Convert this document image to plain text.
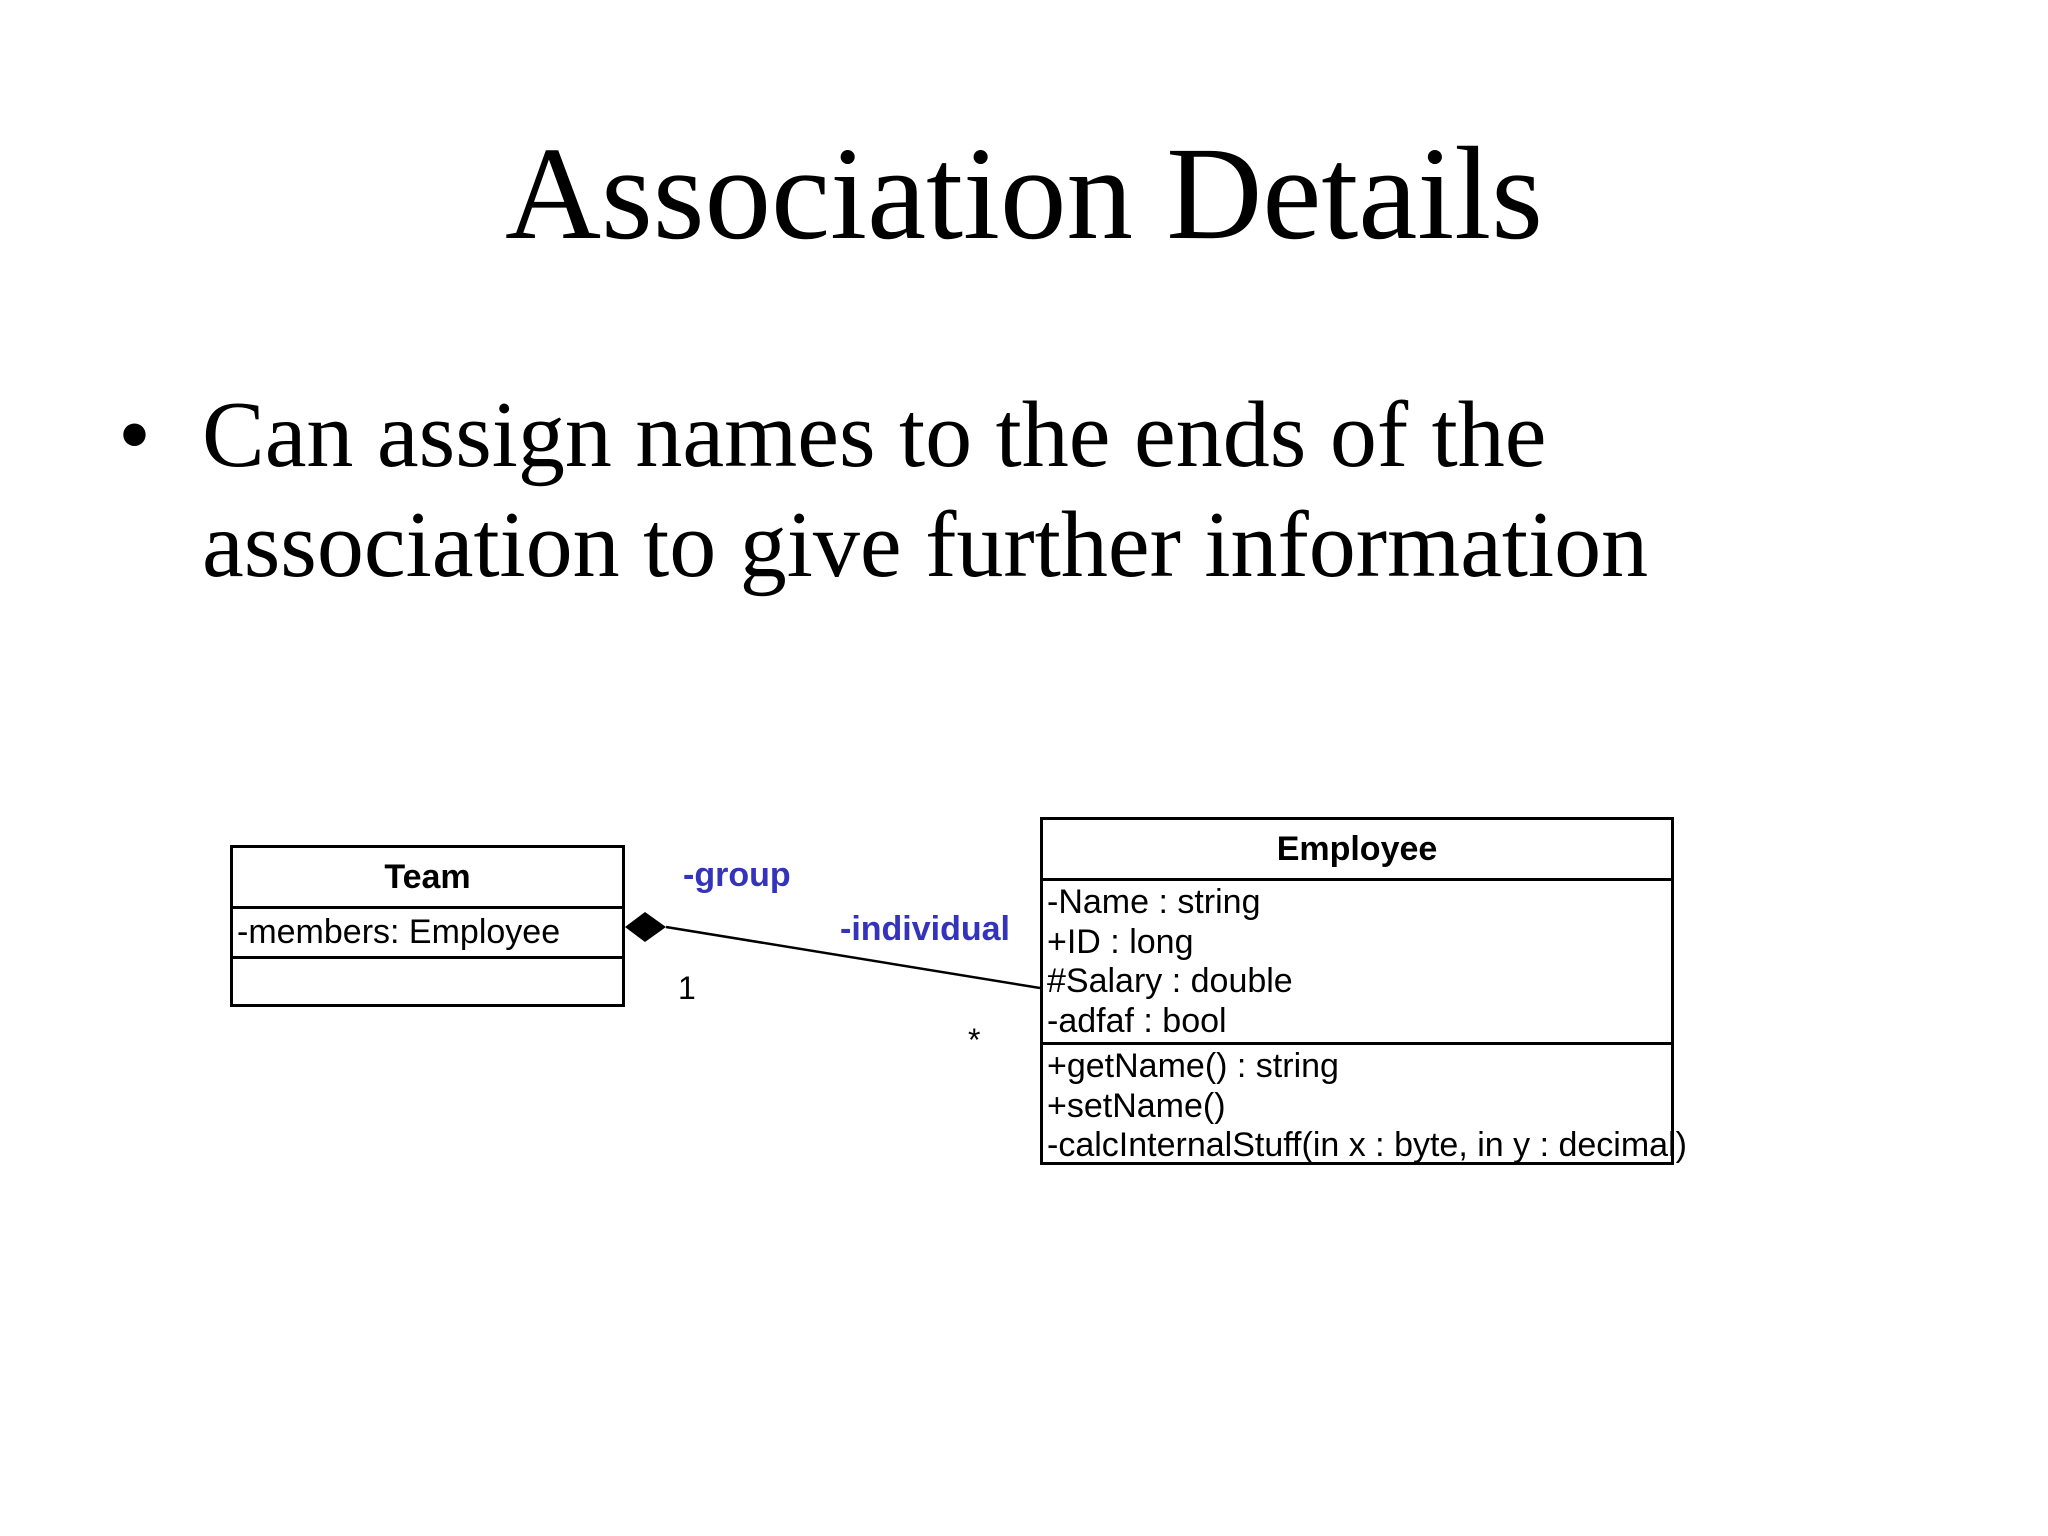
Association Details
• Can assign names to the ends of the
association to give further information
Team
-members: Employee
Employee
-Name : string
+ID : long
#Salary : double
-adfaf : bool
+getName() : string
+setName()
-calcInternalStuff(in x : byte, in y : decimal)
-group
-individual
1
*
